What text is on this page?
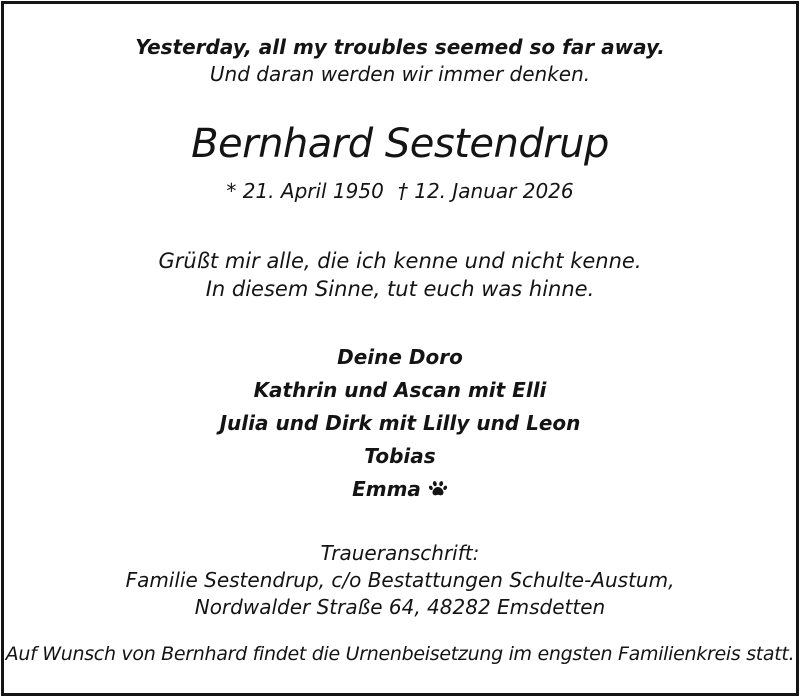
Yesterday, all my troubles seemed so far away.
Und daran werden wir immer denken.
Bernhard Sestendrup
* 21. April 1950 † 12. Januar 2026
Grüßt mir alle, die ich kenne und nicht kenne.
In diesem Sinne, tut euch was hinne.
Deine Doro
Kathrin und Ascan mit Elli
Julia und Dirk mit Lilly und Leon
Tobias
Emma
Traueranschrift:
Familie Sestendrup, c/o Bestattungen Schulte-Austum,
Nordwalder Straße 64, 48282 Emsdetten
Auf Wunsch von Bernhard findet die Urnenbeisetzung im engsten Familienkreis statt.
